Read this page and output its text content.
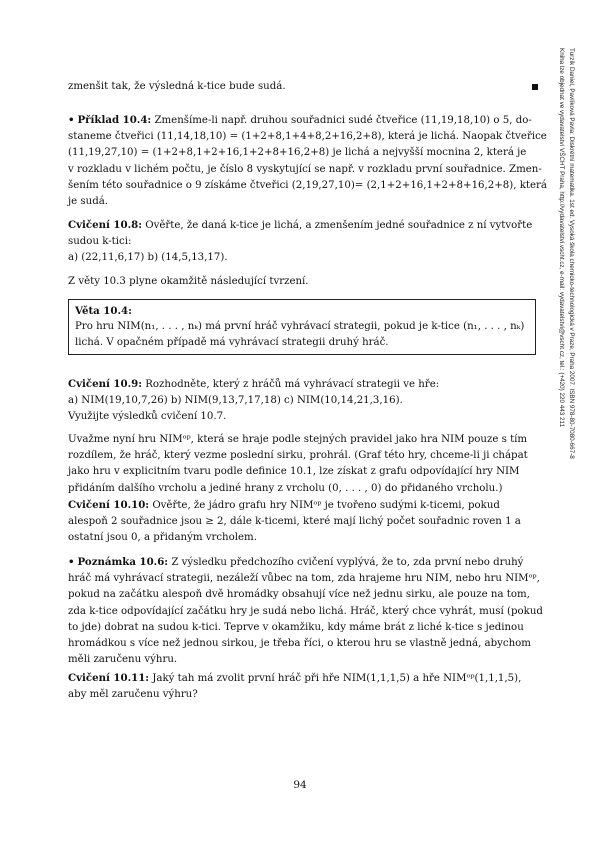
Turzík Daniel, Pavlíková Pavla: Diskrétní matematika. 1st ed. Vysoká škola chemicko-technologická v Praze, Praha 2007. ISBN 978-80-7080-667-8
Kniha lze objednat ve vydavatelství VŠCHT Praha, http://vydavatelstvi.vscht.cz, e-mail: vydavatelstvi@vscht.cz, tel.: (+420) 220 443 211
zmenšit tak, že výsledná k-tice bude sudá.
• Příklad 10.4: Zmenšíme-li např. druhou souřadnici sudé čtveřice (11,19,18,10) o 5, do-
staneme čtveřici (11,14,18,10) = (1+2+8,1+4+8,2+16,2+8), která je lichá. Naopak čtveřice
(11,19,27,10) = (1+2+8,1+2+16,1+2+8+16,2+8) je lichá a nejvyšší mocnina 2, která je
v rozkladu v lichém počtu, je číslo 8 vyskytující se např. v rozkladu první souřadnice. Zmen-
šením této souřadnice o 9 získáme čtveřici (2,19,27,10)= (2,1+2+16,1+2+8+16,2+8), která
je sudá.
Cvičení 10.8: Ověřte, že daná k-tice je lichá, a zmenšením jedné souřadnice z ní vytvořte
sudou k-tici:
a) (22,11,6,17) b) (14,5,13,17).
Z věty 10.3 plyne okamžitě následující tvrzení.
Věta 10.4:
Pro hru NIM(n₁, . . . , nₖ) má první hráč vyhrávací strategii, pokud je k-tice (n₁, . . . , nₖ)
lichá. V opačném případě má vyhrávací strategii druhý hráč.
Cvičení 10.9: Rozhodněte, který z hráčů má vyhrávací strategii ve hře:
a) NIM(19,10,7,26) b) NIM(9,13,7,17,18) c) NIM(10,14,21,3,16).
Využijte výsledků cvičení 10.7.
Uvažme nyní hru NIMᵒᵖ, která se hraje podle stejných pravidel jako hra NIM pouze s tím
rozdílem, že hráč, který vezme poslední sirku, prohrál. (Graf této hry, chceme-li ji chápat
jako hru v explicitním tvaru podle definice 10.1, lze získat z grafu odpovídající hry NIM
přidáním dalšího vrcholu a jediné hrany z vrcholu (0, . . . , 0) do přidaného vrcholu.)
Cvičení 10.10: Ověřte, že jádro grafu hry NIMᵒᵖ je tvořeno sudými k-ticemi, pokud
alespoň 2 souřadnice jsou ≥ 2, dále k-ticemi, které mají lichý počet souřadnic roven 1 a
ostatní jsou 0, a přidaným vrcholem.
• Poznámka 10.6: Z výsledku předchozího cvičení vyplývá, že to, zda první nebo druhý
hráč má vyhrávací strategii, nezáleží vůbec na tom, zda hrajeme hru NIM, nebo hru NIMᵒᵖ,
pokud na začátku alespoň dvě hromádky obsahují více než jednu sirku, ale pouze na tom,
zda k-tice odpovídající začátku hry je sudá nebo lichá. Hráč, který chce vyhrát, musí (pokud
to jde) dobrat na sudou k-tici. Teprve v okamžiku, kdy máme brát z liché k-tice s jedinou
hromádkou s více než jednou sirkou, je třeba říci, o kterou hru se vlastně jedná, abychom
měli zaručenu výhru.
Cvičení 10.11: Jaký tah má zvolit první hráč při hře NIM(1,1,1,5) a hře NIMᵒᵖ(1,1,1,5),
aby měl zaručenu výhru?
94
